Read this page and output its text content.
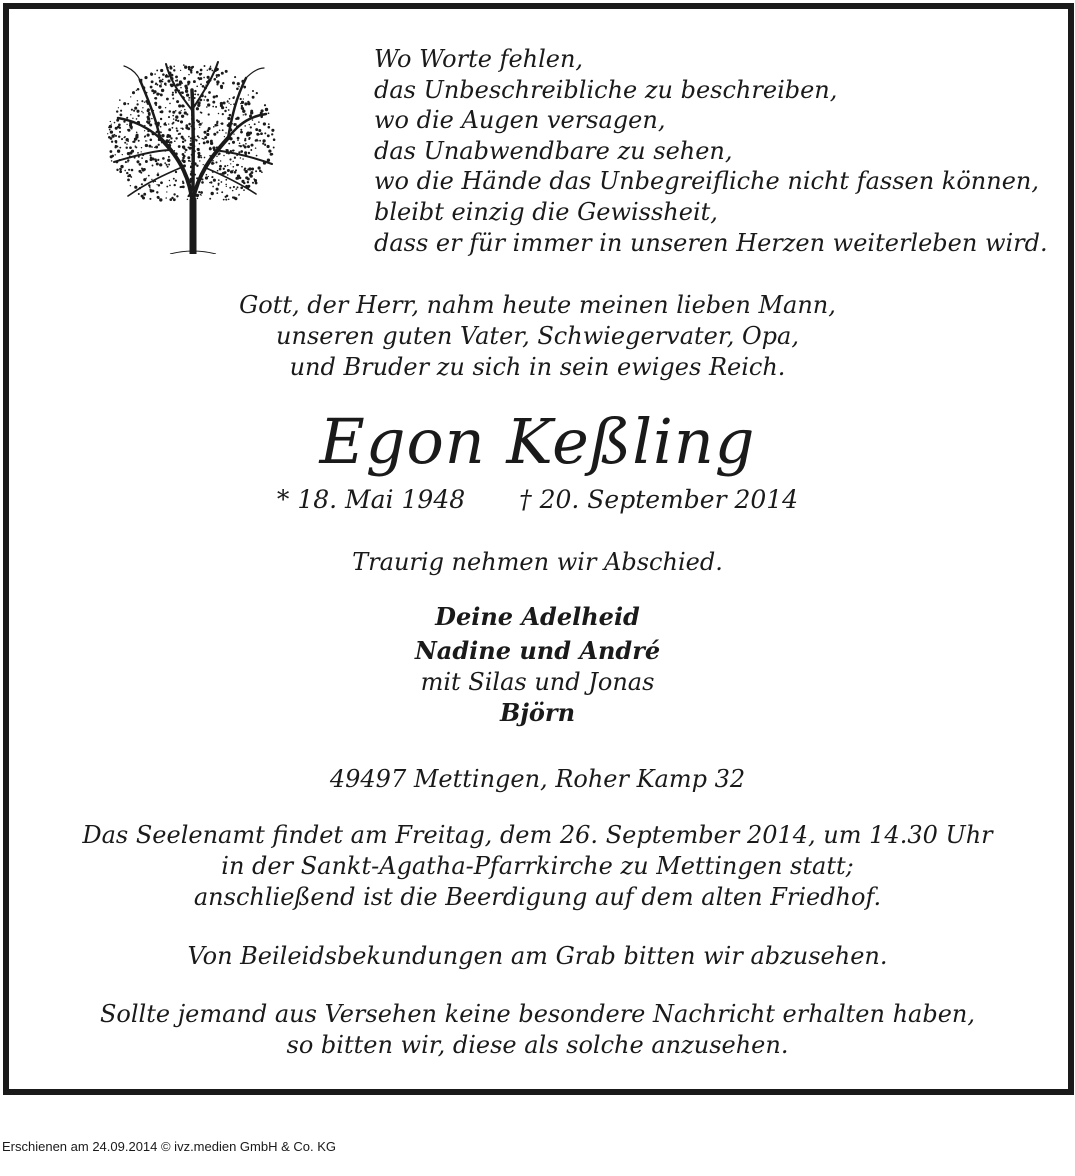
Wo Worte fehlen,
das Unbeschreibliche zu beschreiben,
wo die Augen versagen,
das Unabwendbare zu sehen,
wo die Hände das Unbegreifliche nicht fassen können,
bleibt einzig die Gewissheit,
dass er für immer in unseren Herzen weiterleben wird.
Gott, der Herr, nahm heute meinen lieben Mann,
unseren guten Vater, Schwiegervater, Opa,
und Bruder zu sich in sein ewiges Reich.
Egon Keßling
* 18. Mai 1948 † 20. September 2014
Traurig nehmen wir Abschied.
Deine Adelheid
Nadine und André
mit Silas und Jonas
Björn
49497 Mettingen, Roher Kamp 32
Das Seelenamt findet am Freitag, dem 26. September 2014, um 14.30 Uhr
in der Sankt-Agatha-Pfarrkirche zu Mettingen statt;
anschließend ist die Beerdigung auf dem alten Friedhof.
Von Beileidsbekundungen am Grab bitten wir abzusehen.
Sollte jemand aus Versehen keine besondere Nachricht erhalten haben,
so bitten wir, diese als solche anzusehen.
Erschienen am 24.09.2014 © ivz.medien GmbH & Co. KG
